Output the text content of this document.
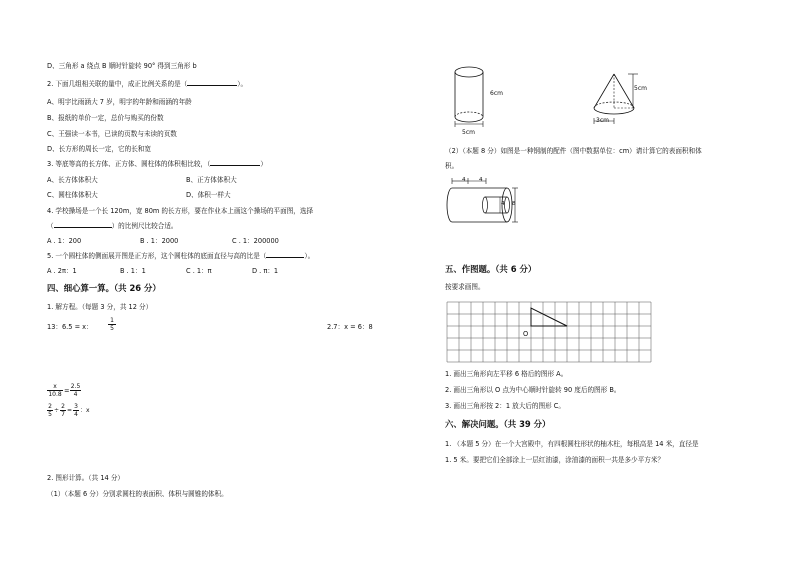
D、三角形 a 绕点 B 顺时针旋转 90° 得到三角形 b
2. 下面几组相关联的量中，成正比例关系的是（	）。
A、明宇比雨涵大 7 岁，明宇的年龄和雨涵的年龄
B、报纸的单价一定，总价与购买的份数
C、王强读一本书，已读的页数与未读的页数
D、长方形的周长一定，它的长和宽
3. 等底等高的长方体、正方体、圆柱体的体积相比较，（	）
A、长方体体积大	B、正方体体积大
C、圆柱体体积大	D、体积一样大
4. 学校操场是一个长 120m，宽 80m 的长方形，要在作业本上画这个操场的平面图，选择
（	）的比例尺比较合适。
A . 1：200	B . 1：2000	C . 1：200000
5. 一个圆柱体的侧面展开图是正方形，这个圆柱体的底面直径与高的比是（	）。
A . 2π：1	B . 1：1	C . 1：π	D . π：1
四、细心算一算。（共 26 分）
1. 解方程。（每题 3 分，共 12 分）
13：6.5 = x：	$\frac{1}{5}$	2.7：x = 6：8
$\frac{x}{10.8} = \frac{2.5}{4}$
$\frac{2}{5} \div \frac{2}{7} = \frac{3}{4}$ ： x
2. 图形计算。（共 14 分）
（1）（本题 6 分）分别求圆柱的表面积、体积与圆锥的体积。
6cm
5cm
5cm
3cm
（2）（本题 8 分）如图是一种钢制的配件（图中数据单位：cm）请计算它的表面积和体
积。
4 4
8
4
五、作图题。（共 6 分）
按要求画图。
O
1. 画出三角形向左平移 6 格后的图形 A。
2. 画出三角形以 O 点为中心顺时针旋转 90 度后的图形 B。
3. 画出三角形按 2：1 放大后的图形 C。
六、解决问题。（共 39 分）
1. （本题 5 分）在一个大宫殿中，有四根圆柱形状的柚木柱，每根高是 14 米，直径是
1. 5 米。要把它们全部涂上一层红油漆，涂油漆的面积一共是多少平方米？
